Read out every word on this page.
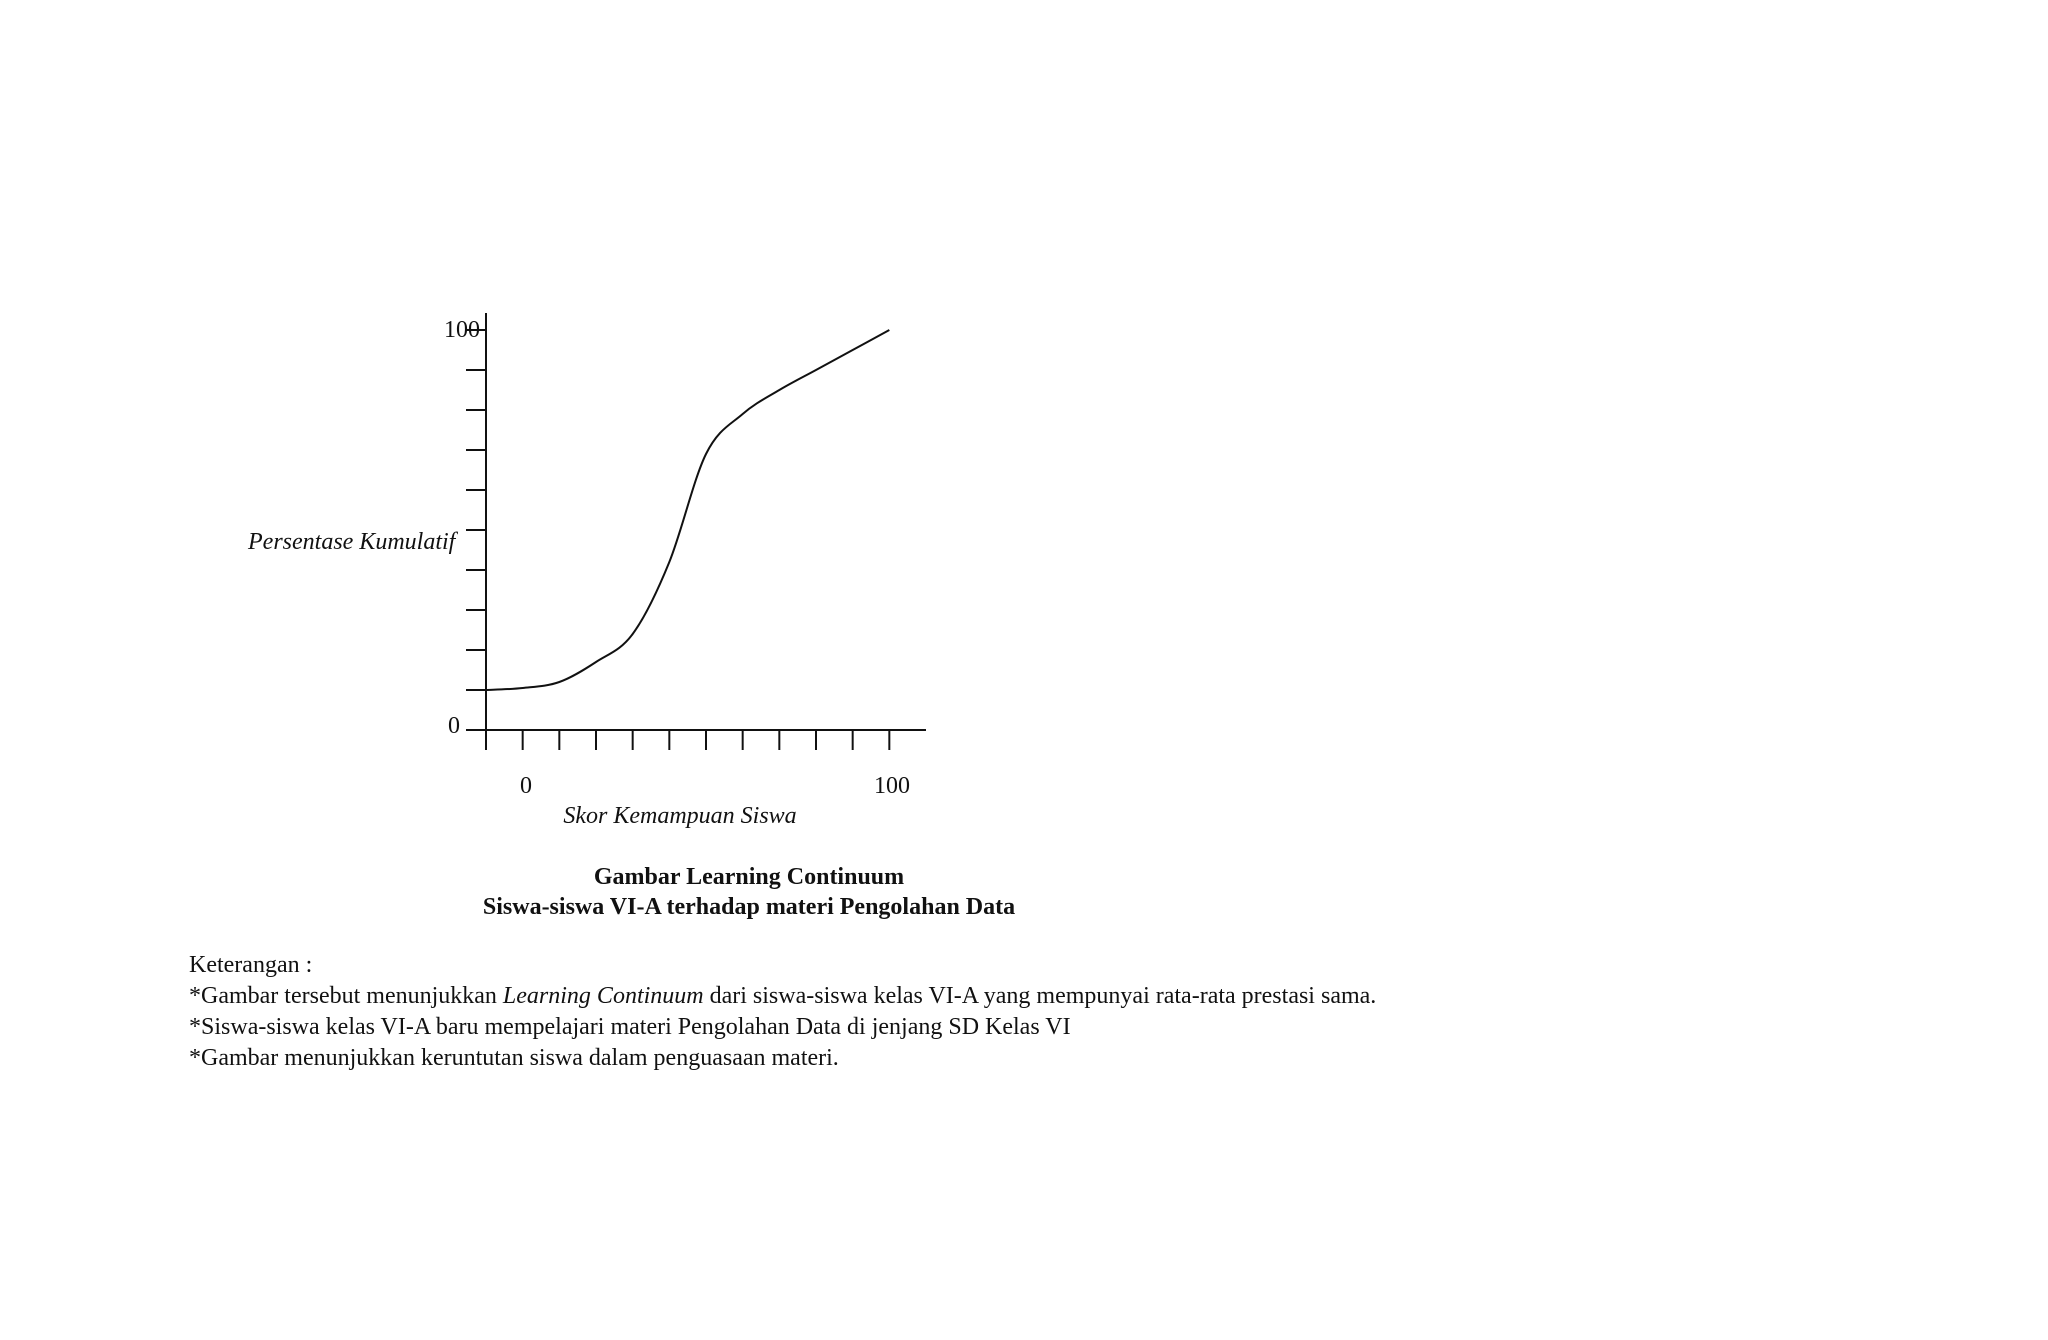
100
0
0	100
Persentase Kumulatif
Skor Kemampuan Siswa
Gambar Learning Continuum
Siswa-siswa VI-A terhadap materi Pengolahan Data
Keterangan :
*Gambar tersebut menunjukkan Learning Continuum dari siswa-siswa kelas VI-A yang mempunyai rata-rata prestasi sama.
*Siswa-siswa kelas VI-A baru mempelajari materi Pengolahan Data di jenjang SD Kelas VI
*Gambar menunjukkan keruntutan siswa dalam penguasaan materi.
